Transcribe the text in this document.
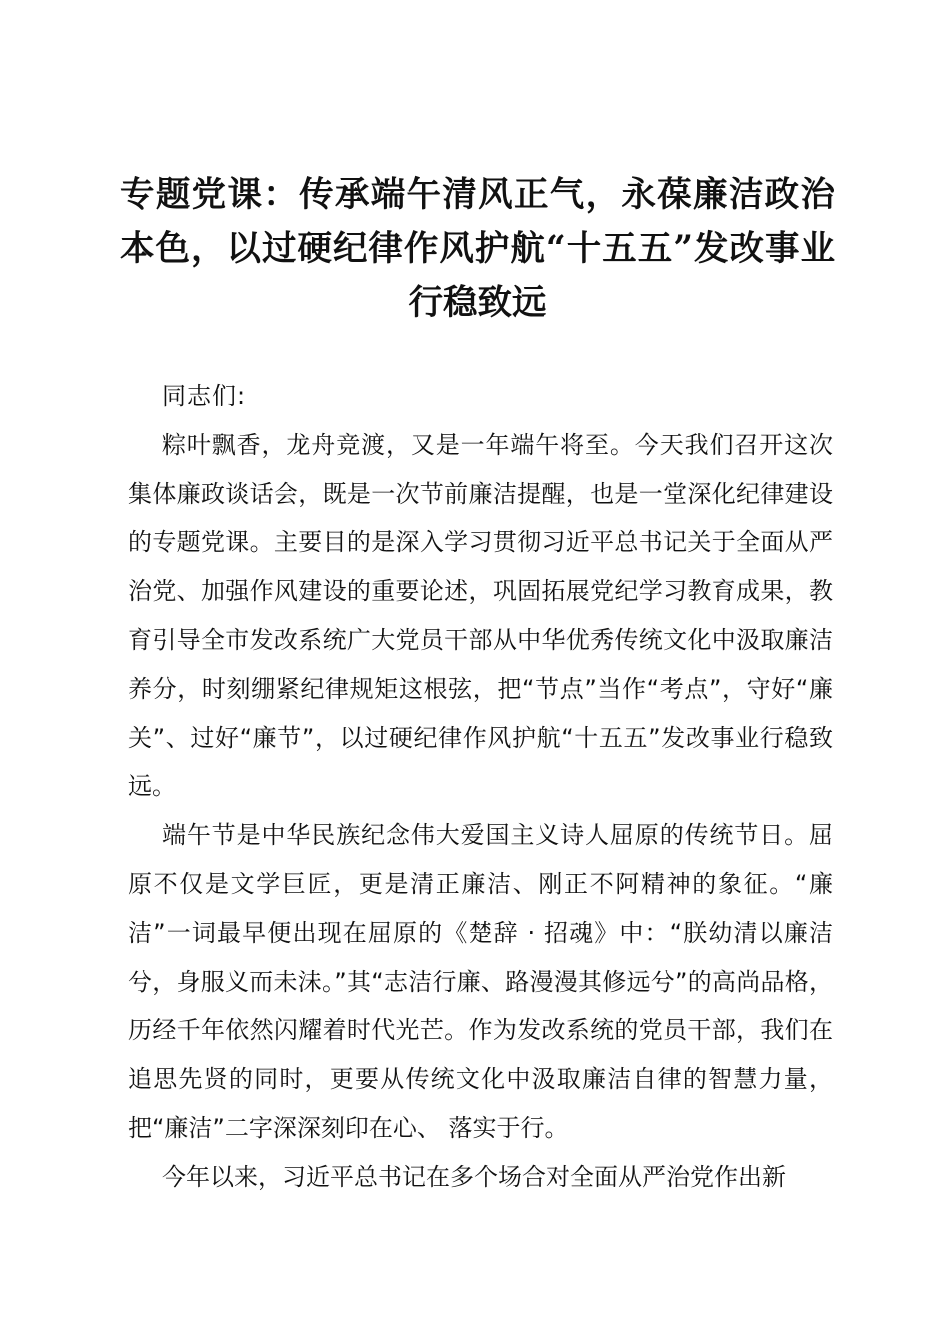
专题党课：传承端午清风正气，永葆廉洁政治本色，以过硬纪律作风护航“十五五”发改事业行稳致远

同志们:

粽叶飘香，龙舟竞渡，又是一年端午将至。今天我们召开这次集体廉政谈话会，既是一次节前廉洁提醒，也是一堂深化纪律建设的专题党课。主要目的是深入学习贯彻习近平总书记关于全面从严治党、加强作风建设的重要论述，巩固拓展党纪学习教育成果，教育引导全市发改系统广大党员干部从中华优秀传统文化中汲取廉洁养分，时刻绷紧纪律规矩这根弦，把“节点”当作“考点”，守好“廉关”、过好“廉节”，以过硬纪律作风护航“十五五”发改事业行稳致远。

端午节是中华民族纪念伟大爱国主义诗人屈原的传统节日。屈原不仅是文学巨匠，更是清正廉洁、刚正不阿精神的象征。“廉洁”一词最早便出现在屈原的《楚辞 · 招魂》中：“朕幼清以廉洁兮，身服义而未沬。”其“志洁行廉、路漫漫其修远兮”的高尚品格，历经千年依然闪耀着时代光芒。作为发改系统的党员干部，我们在追思先贤的同时，更要从传统文化中汲取廉洁自律的智慧力量，把“廉洁”二字深深刻印在心、 落实于行。

今年以来，习近平总书记在多个场合对全面从严治党作出新
